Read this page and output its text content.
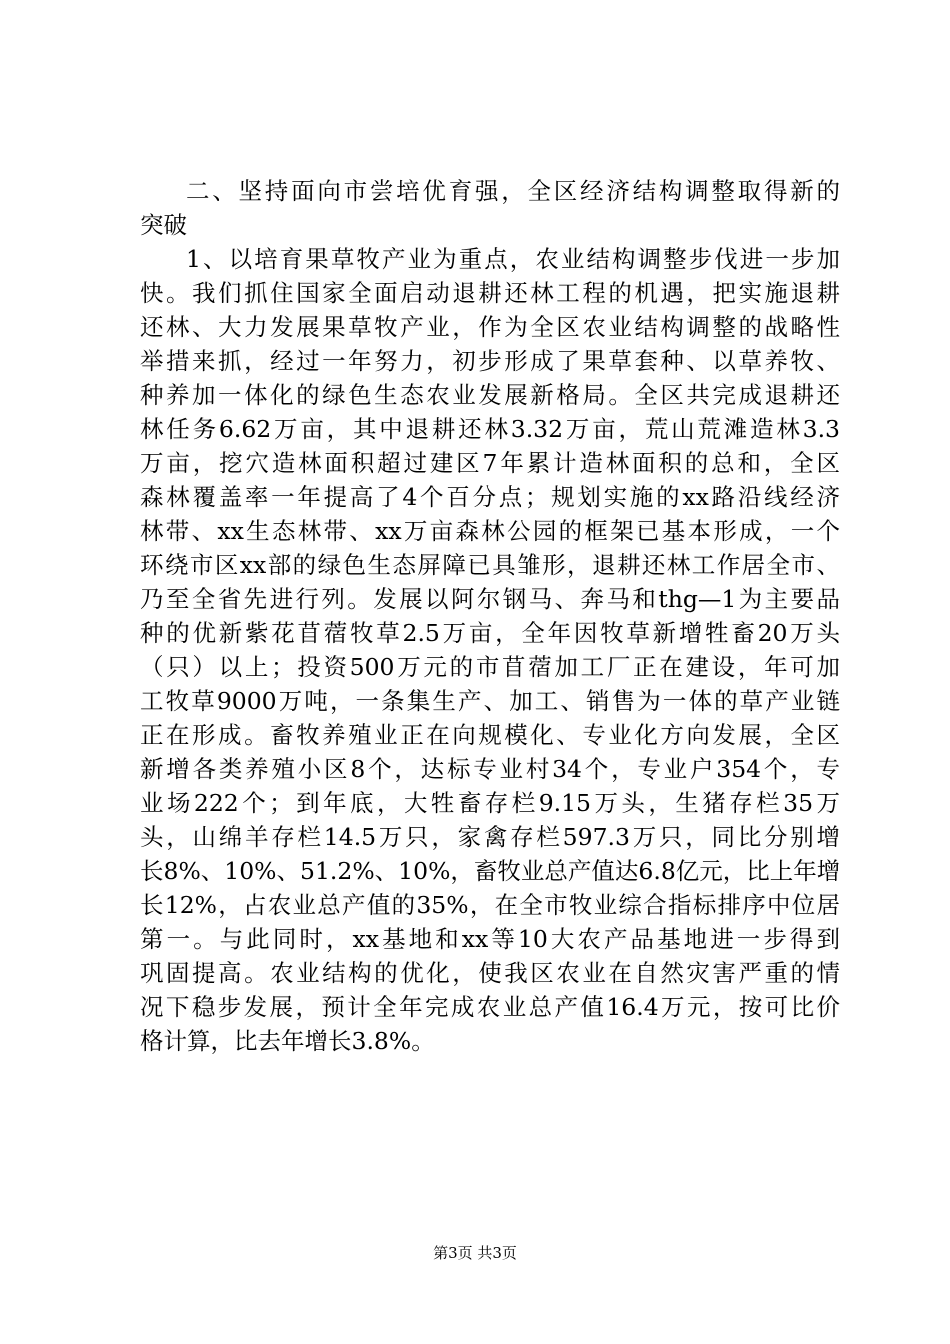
二、坚持面向市尝培优育强，全区经济结构调整取得新的
突破
1、以培育果草牧产业为重点，农业结构调整步伐进一步加
快。我们抓住国家全面启动退耕还林工程的机遇，把实施退耕
还林、大力发展果草牧产业，作为全区农业结构调整的战略性
举措来抓，经过一年努力，初步形成了果草套种、以草养牧、
种养加一体化的绿色生态农业发展新格局。全区共完成退耕还
林任务6.62万亩，其中退耕还林3.32万亩，荒山荒滩造林3.3
万亩，挖穴造林面积超过建区7年累计造林面积的总和，全区
森林覆盖率一年提高了4个百分点；规划实施的xx路沿线经济
林带、xx生态林带、xx万亩森林公园的框架已基本形成，一个
环绕市区xx部的绿色生态屏障已具雏形，退耕还林工作居全市、
乃至全省先进行列。发展以阿尔钢马、奔马和thg—1为主要品
种的优新紫花苜蓿牧草2.5万亩，全年因牧草新增牲畜20万头
（只）以上；投资500万元的市苜蓿加工厂正在建设，年可加
工牧草9000万吨，一条集生产、加工、销售为一体的草产业链
正在形成。畜牧养殖业正在向规模化、专业化方向发展，全区
新增各类养殖小区8个，达标专业村34个，专业户354个，专
业场222个；到年底，大牲畜存栏9.15万头，生猪存栏35万
头，山绵羊存栏14.5万只，家禽存栏597.3万只，同比分别增
长8%、10%、51.2%、10%，畜牧业总产值达6.8亿元，比上年增
长12%，占农业总产值的35%，在全市牧业综合指标排序中位居
第一。与此同时，xx基地和xx等10大农产品基地进一步得到
巩固提高。农业结构的优化，使我区农业在自然灾害严重的情
况下稳步发展，预计全年完成农业总产值16.4万元，按可比价
格计算，比去年增长3.8%。
第3页 共3页
